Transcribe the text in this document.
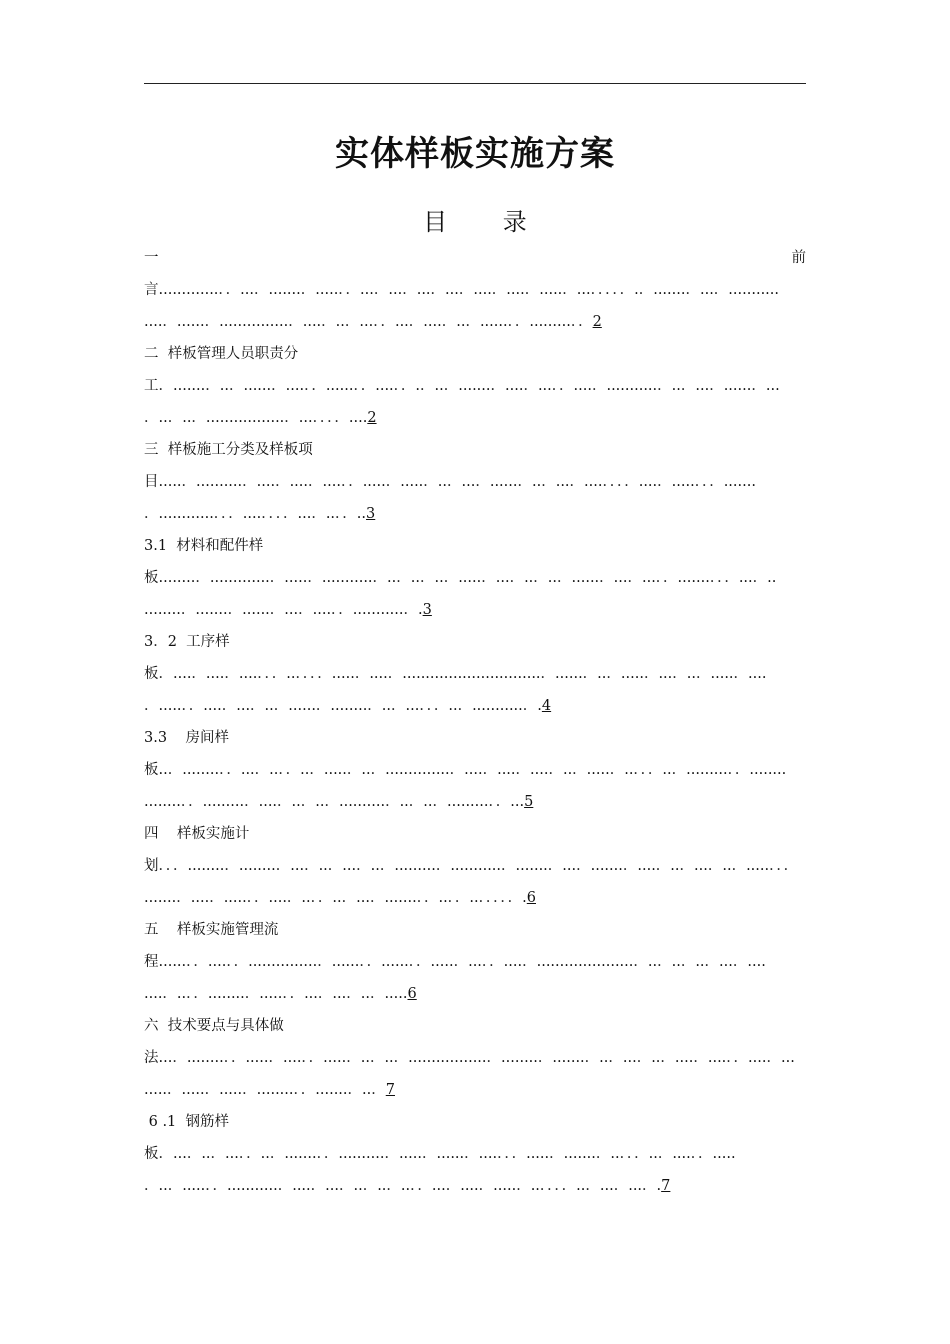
实体样板实施方案
目 录
一	前
言.............．．...．.......．.....．．...．...．...．...．....．....．.....．...．．．．．.．.......．...．...........
....．......．...............．....．..．...．．...．....．..．......．．.........．．2
二  样板管理人员职责分
工．.......．..．......．....．．......．．....．．.．..．.......．....．...．．....．...........．..．...．......．...
．..．..．.................．...．．．．....2
三  样板施工分类及样板项
目.....．..........．....．....．....．．.....．.....．..．...．......．..．...．....．．．．....．.....．．．.......
．............．．．....．．．．...．..．．..3
3.1  材料和配件样
板........．.............．.....．...........．..．..．..．.....．...．..．..．......．...．...．．.......．．．...．..
........．.......．......．...．....．．...........．.3
3．2  工序样
板．....．....．....．．．..．．．．.....．....．..............................．......．..．.....．...．..．.....．....
．.....．．....．...．..．......．........．..．...．．．..．...........．.4
3.3    房间样
板..．........．．...．..．．..．.....．..．..............．....．....．....．..．.....．..．．．..．.........．．........
........．．.........．....．..．..．..........．..．..．.........．．...5
四    样板实施计
划．．．........．........．...．..．...．..．.........．...........．.......．...．.......．....．..．...．..．.....．．．
.......．....．.....．．....．..．．..．...．.......．．..．．..．．．．．.6
五    样板实施管理流
程......．．....．．...............．......．．......．．.....．...．．....．.....................．..．..．..．...．....
....．..．．........．.....．．...．...．..．.....6
六  技术要点与具体做
法...．........．．.....．....．．.....．..．..．.................．........．.......．..．...．..．....．....．．....．...
.....．.....．.....．........．．.......．..．7
6 .1  钢筋样
板．...．..．...．．..．.......．．..........．.....．......．....．．．.....．.......．..．．．..．....．．.....
．..．.....．．...........．....．...．..．..．..．．...．....．.....．..．．．．..．...．...．.7
